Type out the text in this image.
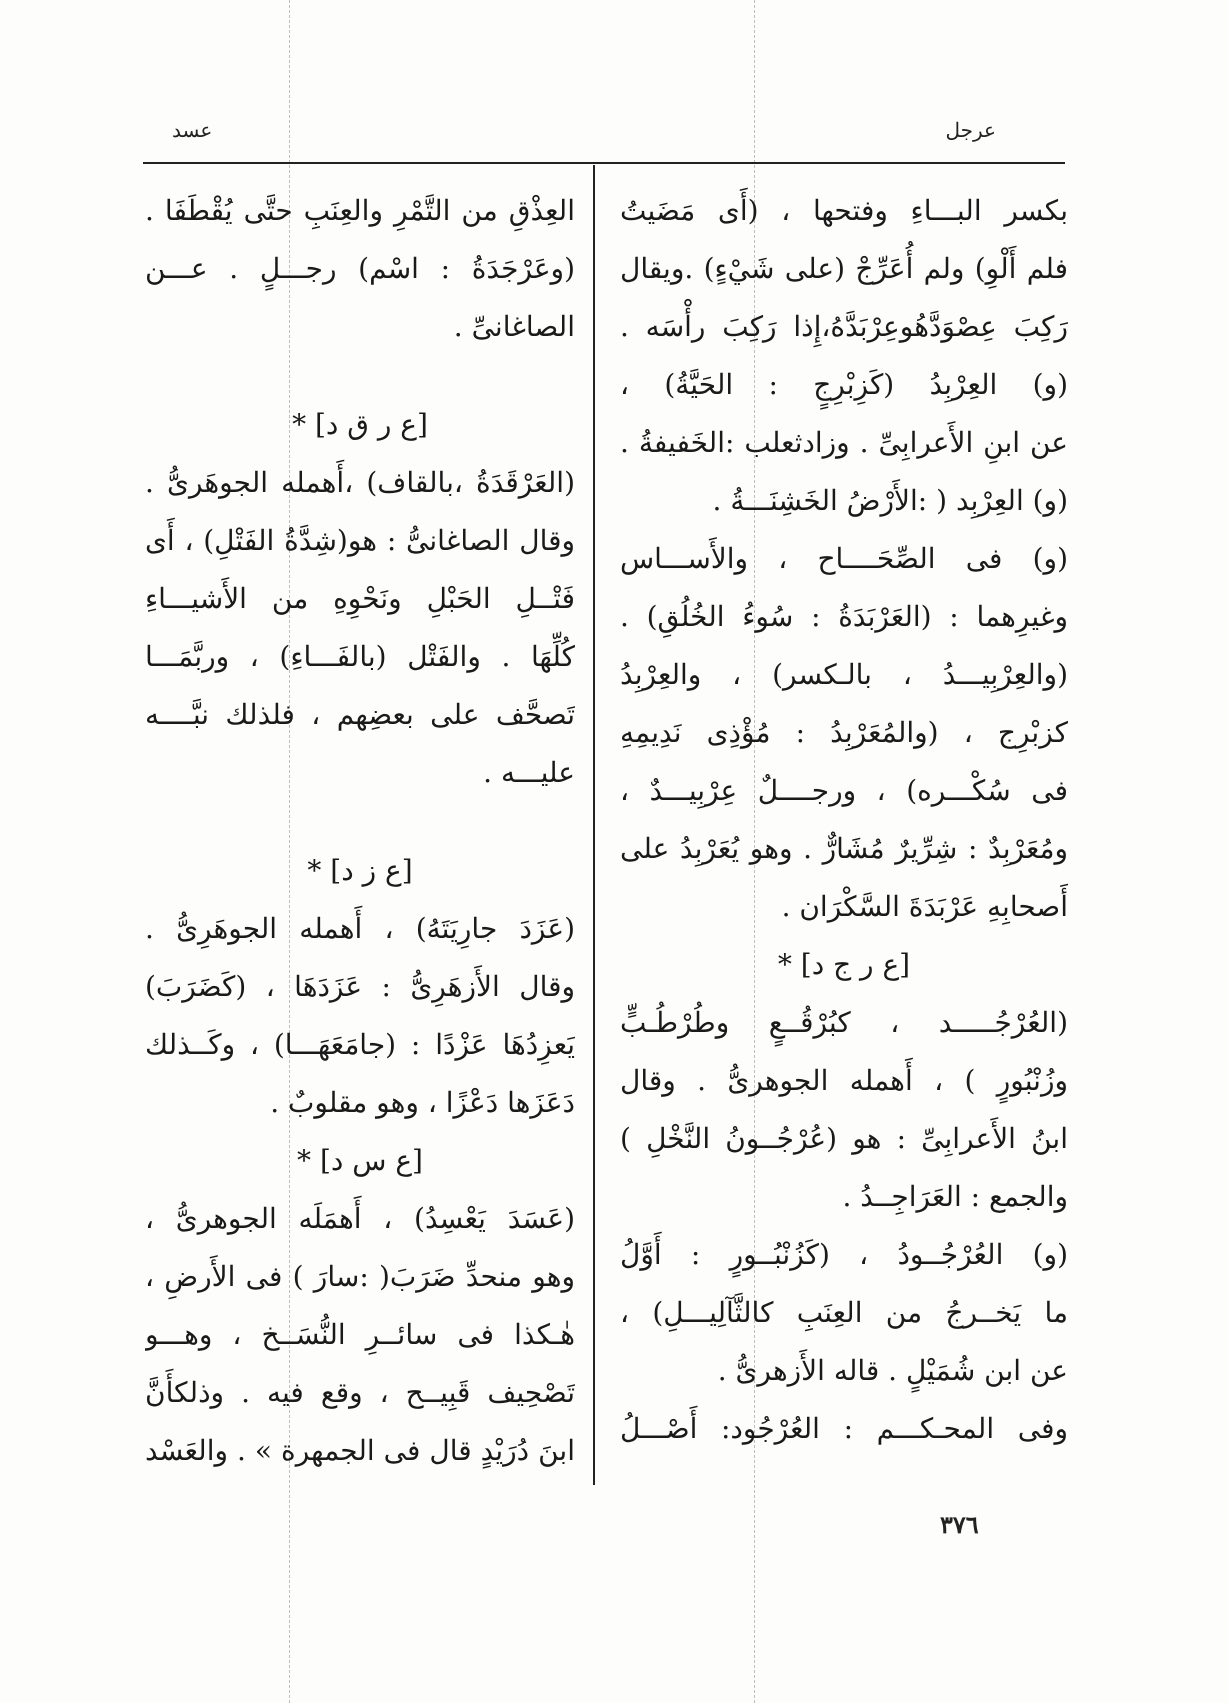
عرجل
عسد
بكسر البـــاءِ وفتحها ، (أَى مَضَيتُ
فلم أَلْوِ) ولم أُعَرِّجْ (على شَيْءٍ) .ويقال
رَكِبَ عِصْوَدَّهُوعِرْبَدَّهُ،إِذا رَكِبَ رأْسَه .
(و) العِرْبِدُ (كَزِبْرِجٍ : الحَيَّةُ) ،
عن ابنِ الأَعرابِىِّ . وزادثعلب :الخَفيفةُ .
(و) العِرْبِد ( :الأَرْضُ الخَشِنَـــةُ .
(و) فى الصِّحَــــاح ، والأَســـاس
وغيرِهما : (العَرْبَدَةُ : سُوءُ الخُلُقِ) .
(والعِرْبِيـــدُ ، بالـكسر) ، والعِرْبِدُ
كزبْرِج ، (والمُعَرْبِدُ : مُؤْذِى نَدِيمِهِ
فى سُكْـــره) ، ورجــــلٌ عِرْبِيـــدٌ ،
ومُعَرْبِدٌ : شِرِّيرٌ مُشَارٌّ . وهو يُعَرْبِدُ على
أَصحابِهِ عَرْبَدَةَ السَّكْرَان .
[ع ر ج د] *
(العُرْجُـــــد ، كبُرْقُــعٍ وطُرْطُـبٍّ
وزُنْبُورٍ ) ، أَهمله الجوهرىُّ . وقال
ابنُ الأَعرابِىِّ : هو (عُرْجُــونُ النَّخْلِ )
والجمع : العَرَاجِــدُ .
(و) العُرْجُــودُ ، (كَزُنْبُــورٍ : أَوَّلُ
ما يَخــرجُ من العِنَبِ كالثَّآلِيـــلِ) ،
عن ابن شُمَيْلٍ . قاله الأَزهرىُّ .
وفى المحـكـــم : العُرْجُود: أَصْـــلُ
العِذْقِ من التَّمْرِ والعِنَبِ حتَّى يُقْطَفَا .
(وعَرْجَدَةُ : اسْم) رجـــلٍ . عـــن
الصاغانىِّ .
[ع ر ق د] *
(العَرْقَدَةُ ،بالقاف) ،أَهمله الجوهَرىُّ .
وقال الصاغانىُّ : هو(شِدَّةُ الفَتْلِ) ، أَى
فَتْــلِ الحَبْلِ ونَحْوِهِ من الأَشيـــاءِ
كُلِّهَا . والفَتْل (بالفَـــاءِ) ، وربَّمَـــا
تَصحَّف على بعضِهم ، فلذلك نبَّــــه
عليـــه .
[ع ز د] *
(عَزَدَ جارِيَتَهُ) ، أَهمله الجوهَرِىُّ .
وقال الأَزهَرِىُّ : عَزَدَهَا ، (كَضَرَبَ)
يَعزِدُهَا عَزْدًا : (جامَعَهَـــا) ، وكَــذلك
دَعَزَها دَعْزًا ، وهو مقلوبٌ .
[ع س د] *
(عَسَدَ يَعْسِدُ) ، أَهمَلَه الجوهرىُّ ،
وهو منحدِّ ضَرَبَ( :سارَ ) فى الأَرضِ ،
هٰـكذا فى سائــرِ النُّسَــخ ، وهـــو
تَصْحِيف قَبِيــح ، وقع فيه . وذلكأَنَّ
ابنَ دُرَيْدٍ قال فى الجمهرة » . والعَسْد
٣٧٦
